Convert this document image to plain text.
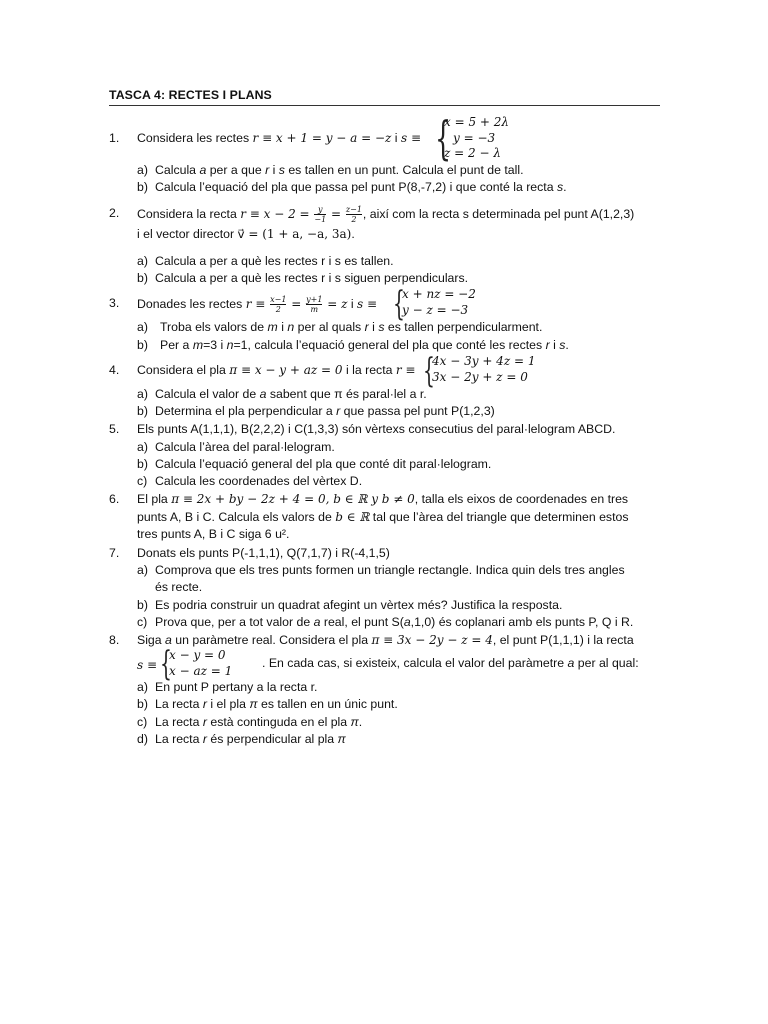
TASCA 4: RECTES I PLANS
1. Considera les rectes r ≡ x + 1 = y − a = −z i s ≡ {
x = 5 + 2λ
y = −3
z = 2 − λ
a) Calcula a per a que r i s es tallen en un punt. Calcula el punt de tall.
b) Calcula l’equació del pla que passa pel punt P(8,-7,2) i que conté la recta s.
2. Considera la recta $r \equiv x - 2 = \frac{y}{-1} = \frac{z-1}{2}$ , així com la recta s determinada pel punt A(1,2,3)
i el vector director v⃗ = (1 + a, −a, 3a).
a) Calcula a per a què les rectes r i s es tallen.
b) Calcula a per a què les rectes r i s siguen perpendiculars.
3. Donades les rectes $r \equiv \frac{x-1}{2} = \frac{y+1}{m} = z$ i s ≡ {
x + nz = −2
y − z = −3
a) Troba els valors de m i n per al quals r i s es tallen perpendicularment.
b) Per a m=3 i n=1, calcula l’equació general del pla que conté les rectes r i s.
4. Considera el pla π ≡ x − y + az = 0 i la recta r ≡ {
4x − 3y + 4z = 1
3x − 2y + z = 0
a) Calcula el valor de a sabent que π és paral·lel a r.
b) Determina el pla perpendicular a r que passa pel punt P(1,2,3)
5. Els punts A(1,1,1), B(2,2,2) i C(1,3,3) són vèrtexs consecutius del paral·lelogram ABCD.
a) Calcula l’àrea del paral·lelogram.
b) Calcula l’equació general del pla que conté dit paral·lelogram.
c) Calcula les coordenades del vèrtex D.
6. El pla π ≡ 2x + by − 2z + 4 = 0, b ∈ ℝ y b ≠ 0, talla els eixos de coordenades en tres
punts A, B i C. Calcula els valors de b ∈ ℝ tal que l’àrea del triangle que determinen estos
tres punts A, B i C siga 6 u².
7. Donats els punts P(-1,1,1), Q(7,1,7) i R(-4,1,5)
a) Comprova que els tres punts formen un triangle rectangle. Indica quin dels tres angles
és recte.
b) Es podria construir un quadrat afegint un vèrtex més? Justifica la resposta.
c) Prova que, per a tot valor de a real, el punt S(a,1,0) és coplanari amb els punts P, Q i R.
8. Siga a un paràmetre real. Considera el pla π ≡ 3x − 2y − z = 4, el punt P(1,1,1) i la recta
s ≡ {
x − y = 0
x − az = 1
. En cada cas, si existeix, calcula el valor del paràmetre a per al qual:
a) En punt P pertany a la recta r.
b) La recta r i el pla π es tallen en un únic punt.
c) La recta r està continguda en el pla π.
d) La recta r és perpendicular al pla π
